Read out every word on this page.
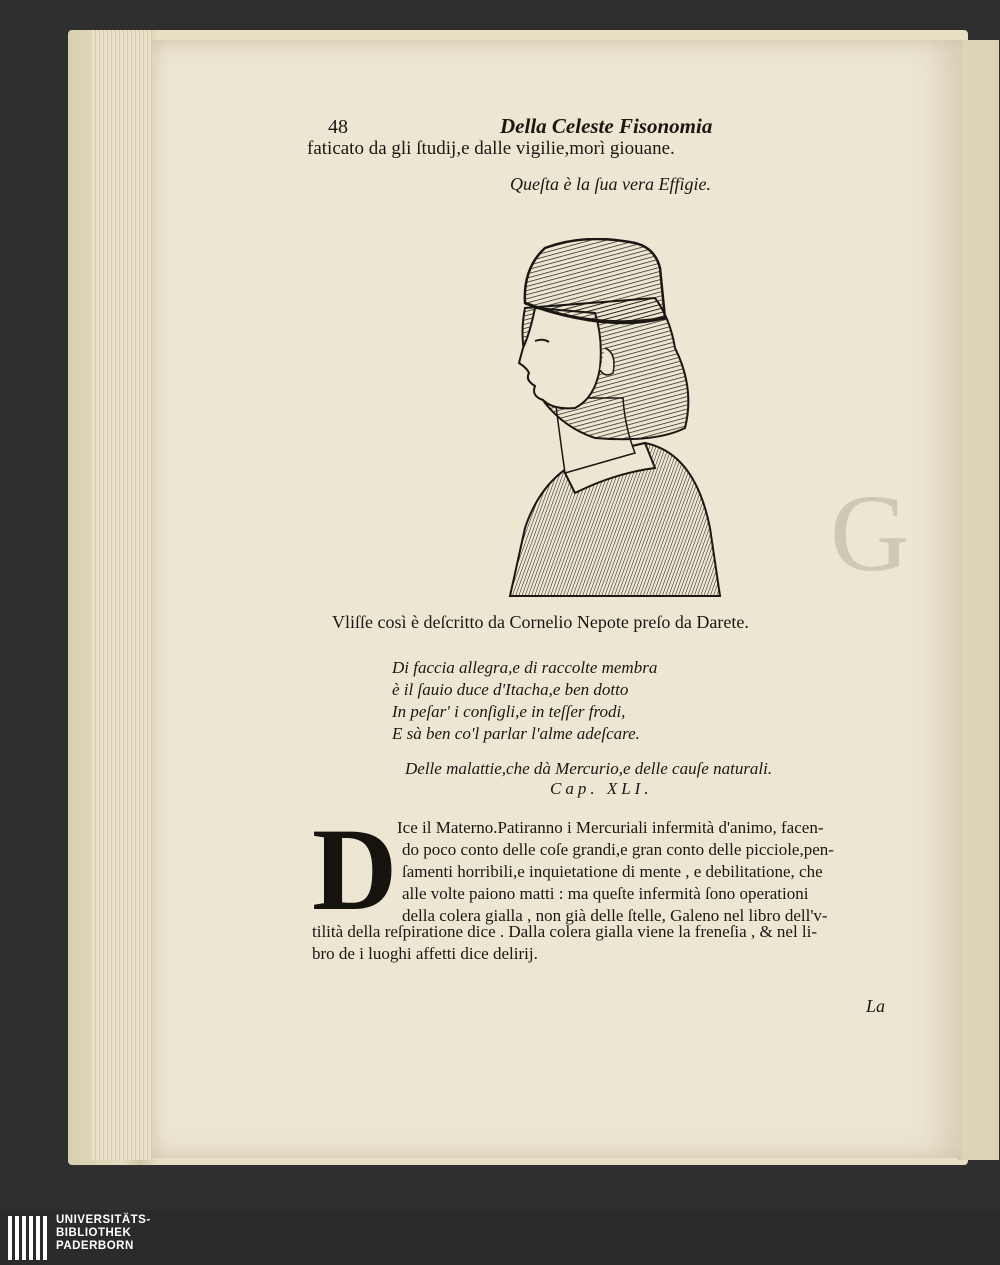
G
48	Della Celeste Fisonomia
faticato da gli ſtudij,e dalle vigilie,morì giouane.
Queſta è la ſua vera Effigie.
Vliſſe così è deſcritto da Cornelio Nepote preſo da Darete.
Di faccia allegra,e di raccolte membra
è il ſauio duce d'Itacha,e ben dotto
In peſar' i conſigli,e in teſſer frodi,
E sà ben co'l parlar l'alme adeſcare.
Delle malattie,che dà Mercurio,e delle cauſe naturali.
Cap. XLI.
D Ice il Materno.Patiranno i Mercuriali infermità d'animo, facen-
do poco conto delle coſe grandi,e gran conto delle picciole,pen-
ſamenti horribili,e inquietatione di mente , e debilitatione, che
alle volte paiono matti : ma queſte infermità ſono operationi
della colera gialla , non già delle ſtelle, Galeno nel libro dell'v-
tilità della reſpiratione dice . Dalla colera gialla viene la freneſia , & nel li-
bro de i luoghi affetti dice delirij.
La
UNIVERSITÄTS-
BIBLIOTHEK
PADERBORN
